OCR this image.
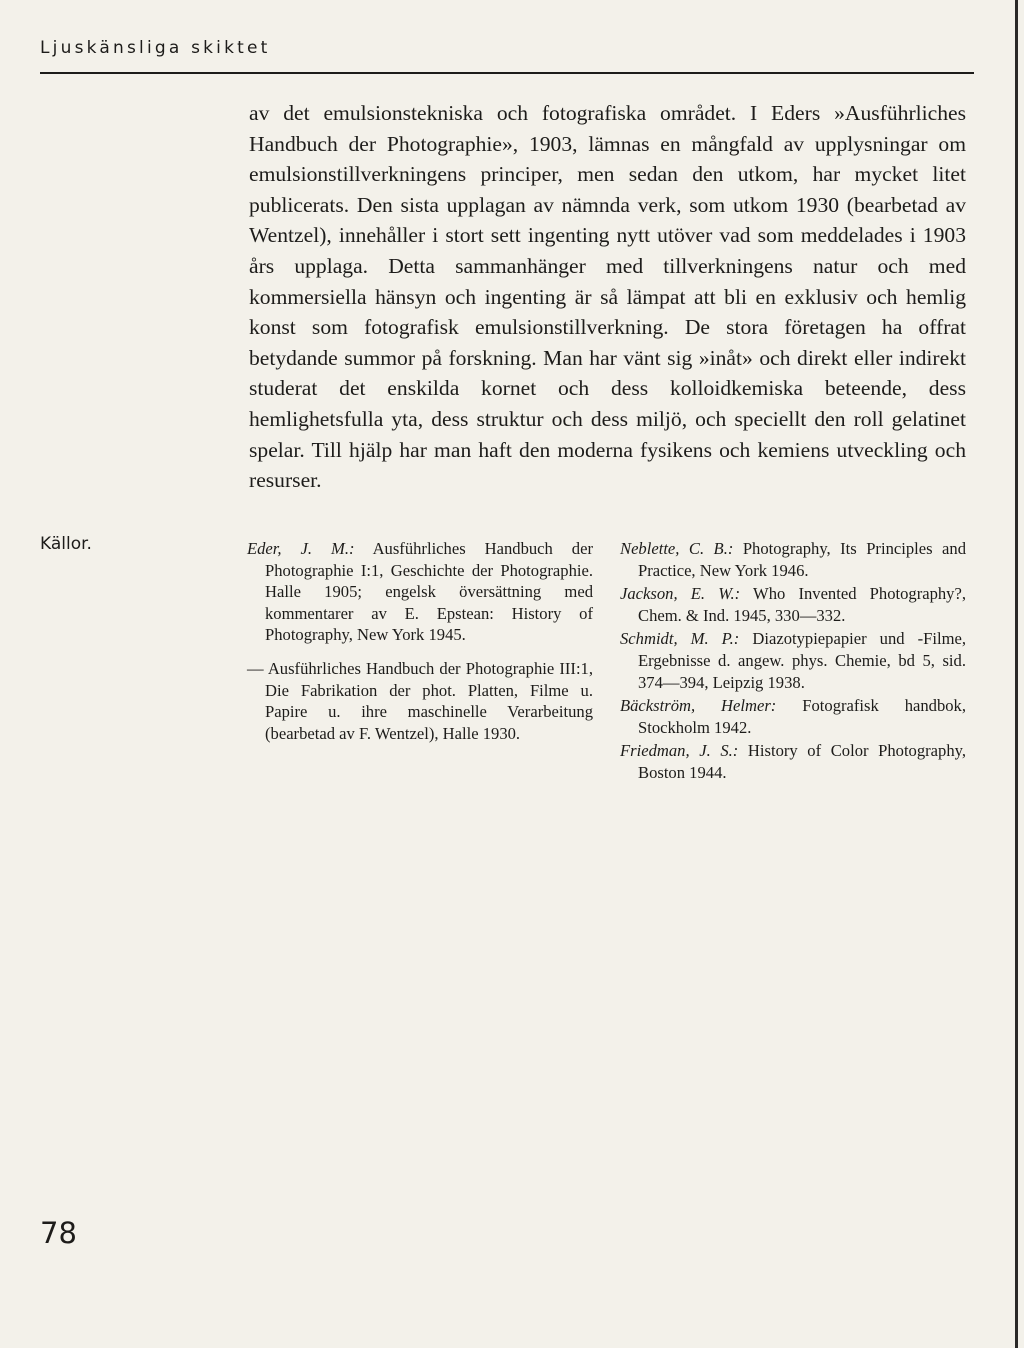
Ljuskänsliga skiktet

av det emulsionstekniska och fotografiska området. I Eders »Ausführliches Handbuch der Photographie», 1903, lämnas en mångfald av upplysningar om emulsionstillverkningens principer, men sedan den utkom, har mycket litet publicerats. Den sista upplagan av nämnda verk, som utkom 1930 (bearbetad av Wentzel), innehåller i stort sett ingenting nytt utöver vad som meddelades i 1903 års upplaga. Detta sammanhänger med tillverkningens natur och med kommersiella hänsyn och ingenting är så lämpat att bli en exklusiv och hemlig konst som fotografisk emulsionstillverkning. De stora företagen ha offrat betydande summor på forskning. Man har vänt sig »inåt» och direkt eller indirekt studerat det enskilda kornet och dess kolloidkemiska beteende, dess hemlighetsfulla yta, dess struktur och dess miljö, och speciellt den roll gelatinet spelar. Till hjälp har man haft den moderna fysikens och kemiens utveckling och resurser.

Källor.	Eder, J. M.: Ausführliches Handbuch der Photographie I:1, Geschichte der Photographie. Halle 1905; engelsk översättning med kommentarer av E. Epstean: History of Photography, New York 1945.

— Ausführliches Handbuch der Photographie III:1, Die Fabrikation der phot. Platten, Filme u. Papire u. ihre maschinelle Verarbeitung (bearbetad av F. Wentzel), Halle 1930.

Neblette, C. B.: Photography, Its Principles and Practice, New York 1946.

Jackson, E. W.: Who Invented Photography?, Chem. & Ind. 1945, 330—332.

Schmidt, M. P.: Diazotypiepapier und -Filme, Ergebnisse d. angew. phys. Chemie, bd 5, sid. 374—394, Leipzig 1938.

Bäckström, Helmer: Fotografisk handbok, Stockholm 1942.

Friedman, J. S.: History of Color Photography, Boston 1944.

78
